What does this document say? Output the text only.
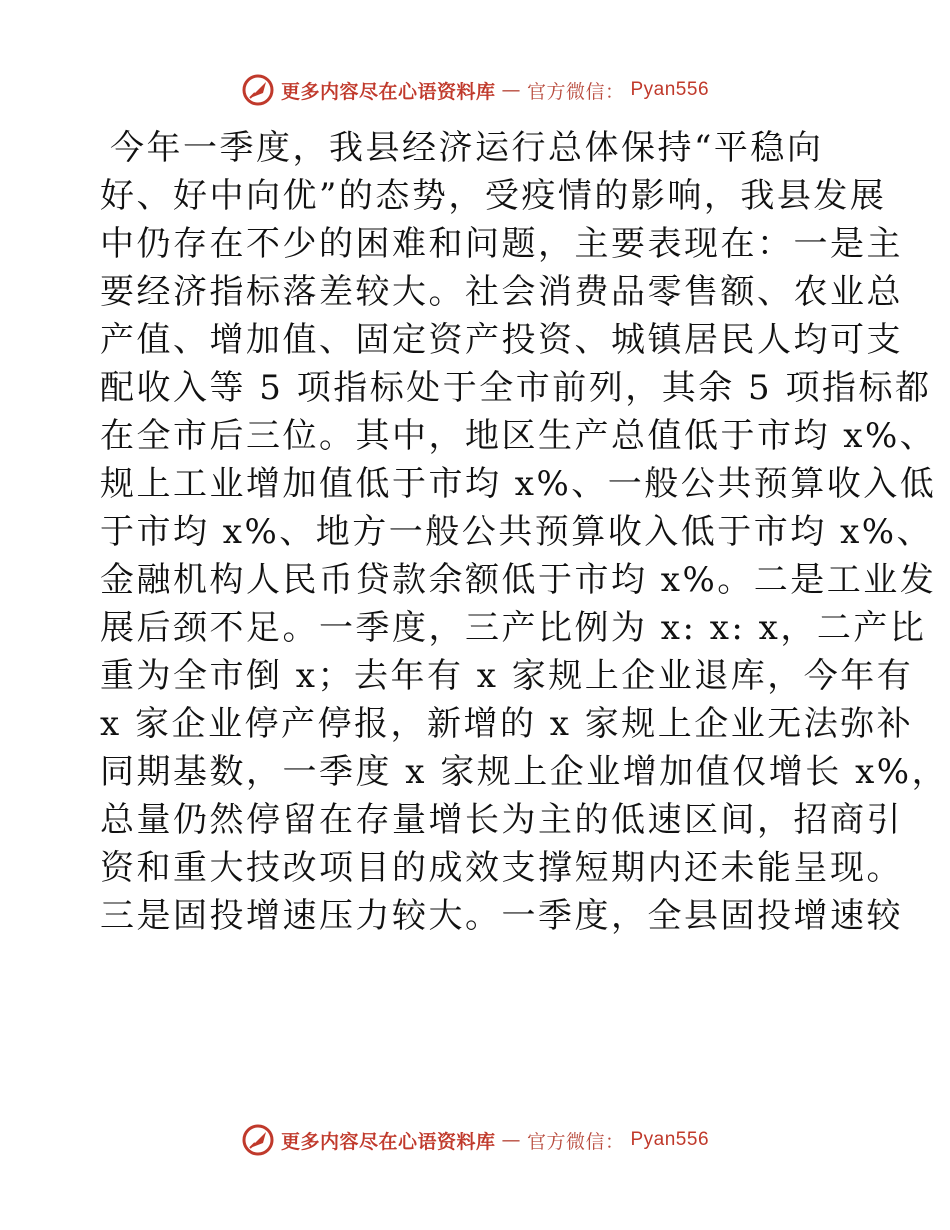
更多内容尽在心语资料库 — 官方微信： Pyan556
今年一季度，我县经济运行总体保持“平稳向
好、好中向优”的态势，受疫情的影响，我县发展
中仍存在不少的困难和问题，主要表现在：一是主
要经济指标落差较大。社会消费品零售额、农业总
产值、增加值、固定资产投资、城镇居民人均可支
配收入等 5 项指标处于全市前列，其余 5 项指标都
在全市后三位。其中，地区生产总值低于市均 x%、
规上工业增加值低于市均 x%、一般公共预算收入低
于市均 x%、地方一般公共预算收入低于市均 x%、
金融机构人民币贷款余额低于市均 x%。二是工业发
展后颈不足。一季度，三产比例为 x: x: x，二产比
重为全市倒 x；去年有 x 家规上企业退库，今年有
x 家企业停产停报，新增的 x 家规上企业无法弥补
同期基数，一季度 x 家规上企业增加值仅增长 x%，
总量仍然停留在存量增长为主的低速区间，招商引
资和重大技改项目的成效支撑短期内还未能呈现。
三是固投增速压力较大。一季度，全县固投增速较
更多内容尽在心语资料库 — 官方微信： Pyan556
